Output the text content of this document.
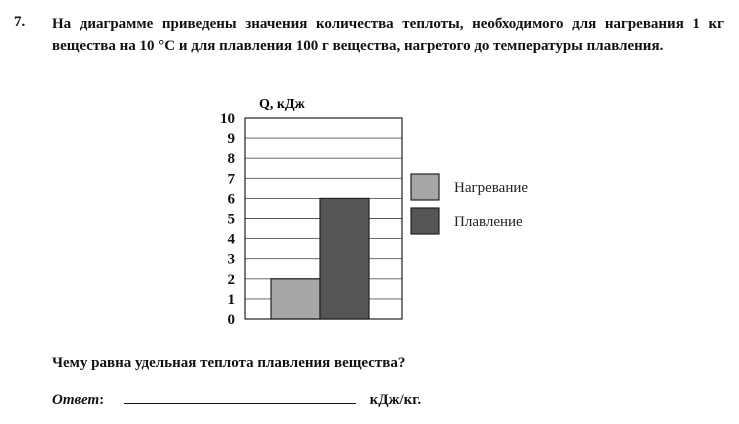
7. На диаграмме приведены значения количества теплоты, необходимого для нагревания 1 кг вещества на 10 °С и для плавления 100 г вещества, нагретого до температуры плавления.
0
1
2
3
4
5
6
7
8
9
10
Q, кДж
Нагревание
Плавление
Чему равна удельная теплота плавления вещества?
Ответ:	кДж/кг.
